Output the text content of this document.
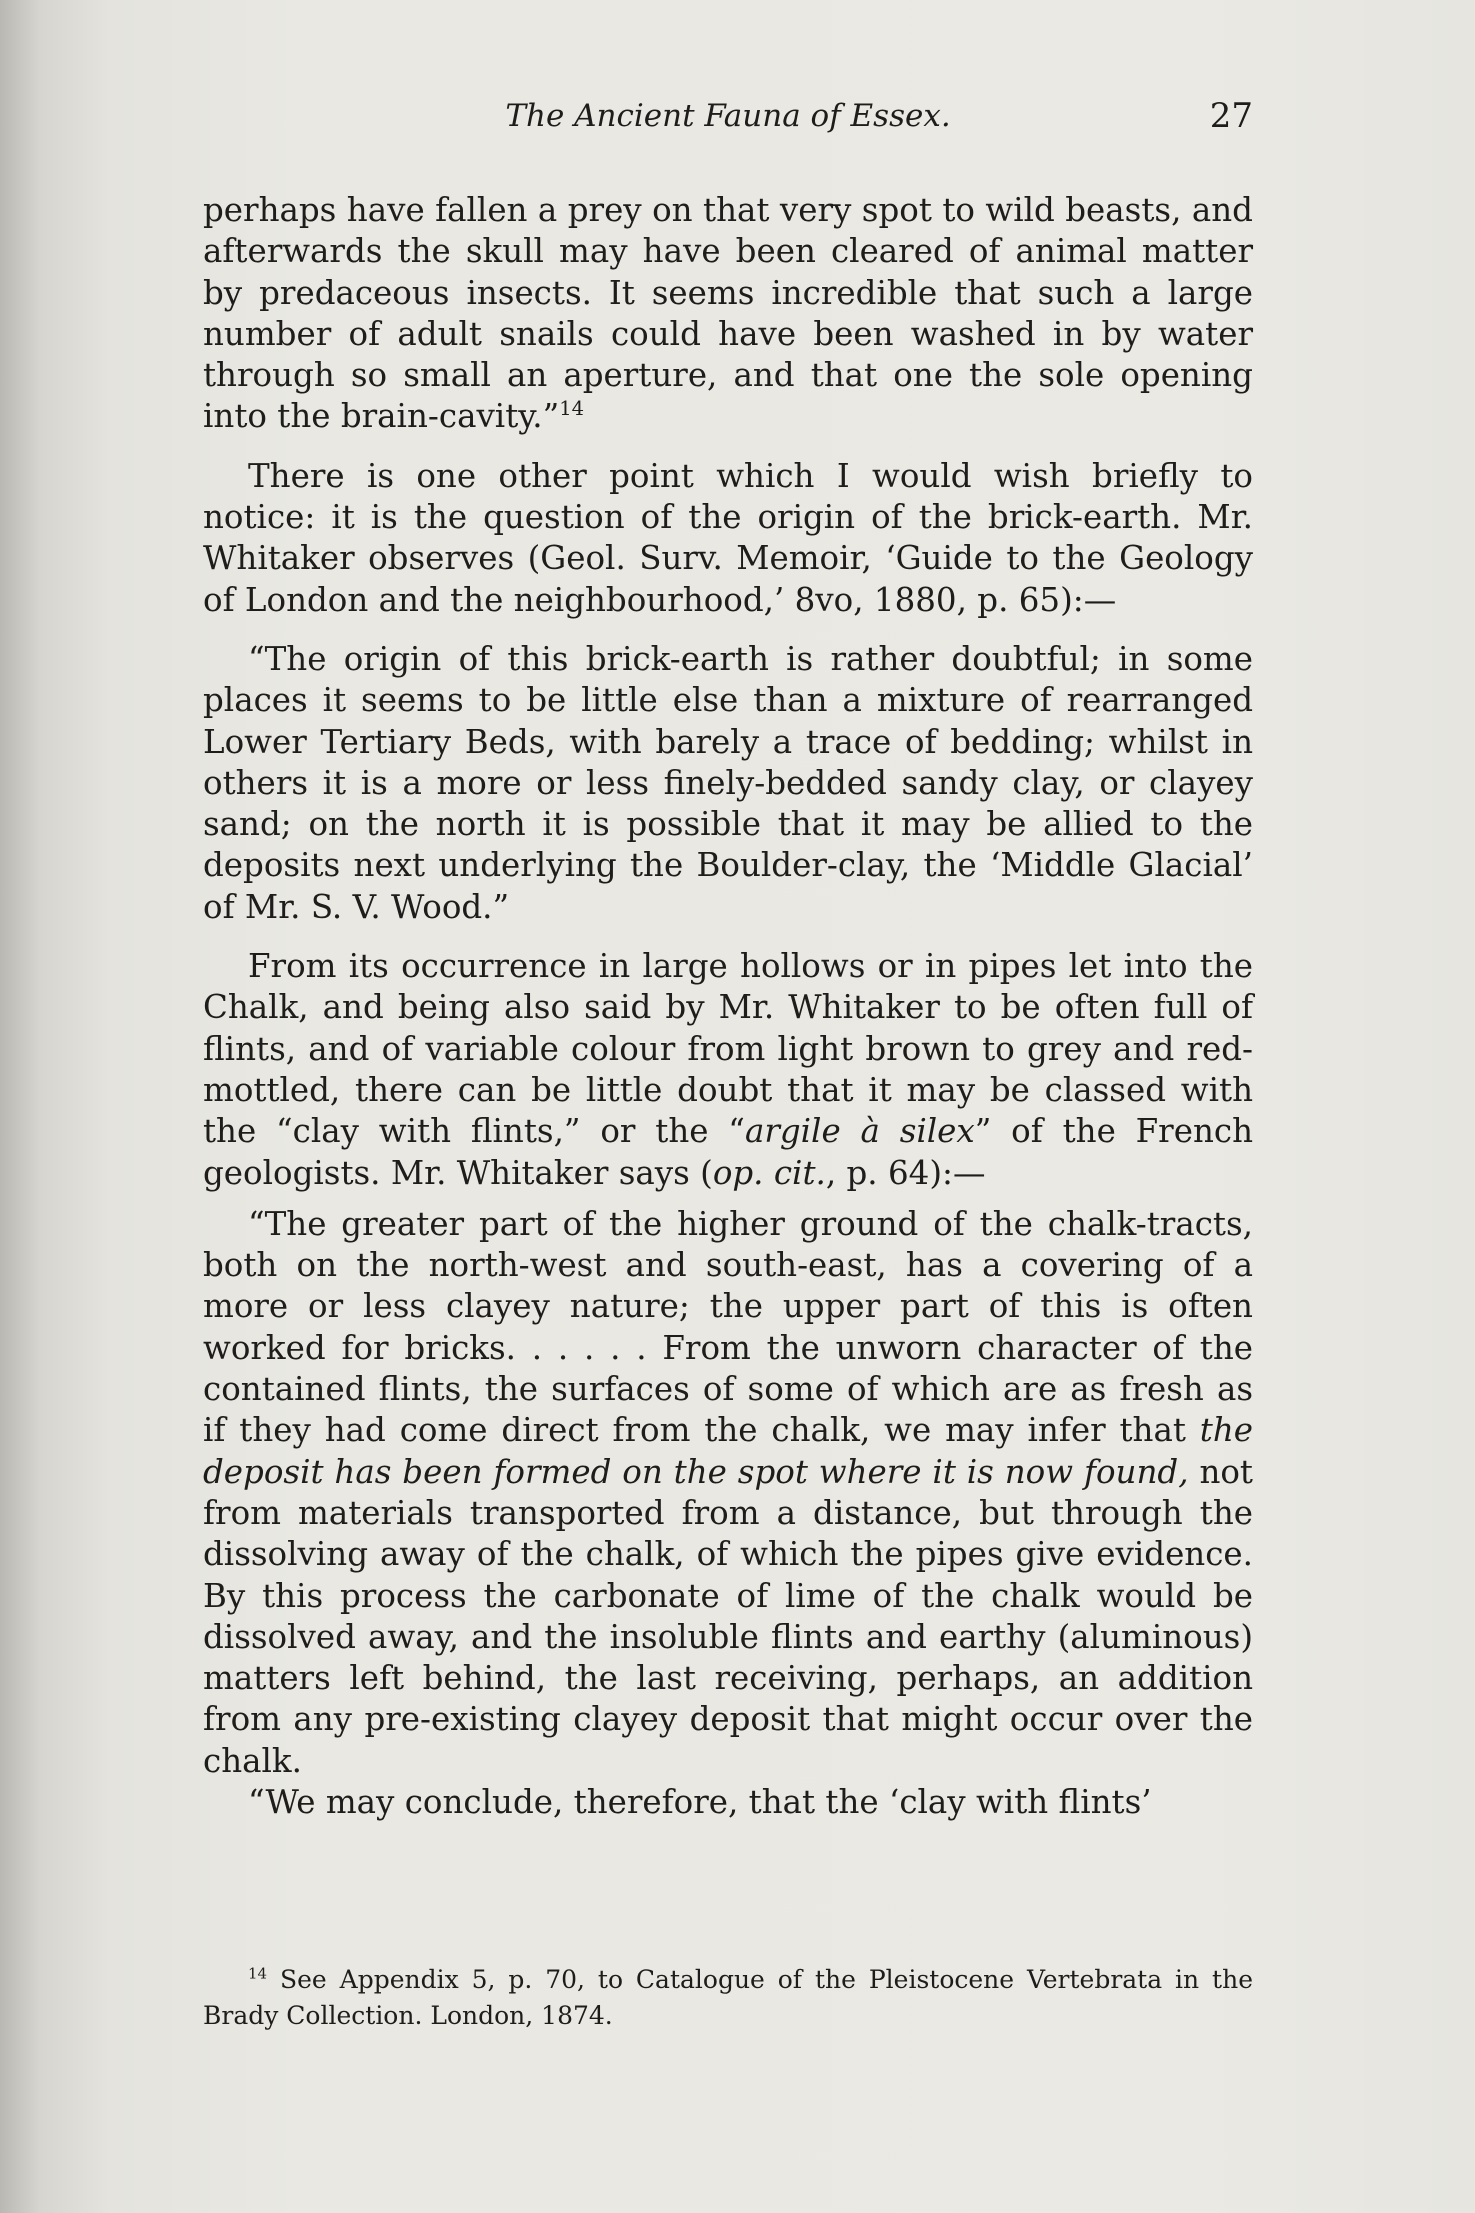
The Ancient Fauna of Essex.	27

perhaps have fallen a prey on that very spot to wild beasts, and afterwards the skull may have been cleared of animal matter by predaceous insects. It seems incredible that such a large number of adult snails could have been washed in by water through so small an aperture, and that one the sole opening into the brain-cavity.”$^{14}$

There is one other point which I would wish briefly to notice: it is the question of the origin of the brick-earth. Mr. Whitaker observes (Geol. Surv. Memoir, ‘Guide to the Geology of London and the neighbourhood,’ 8vo, 1880, p. 65):—

“The origin of this brick-earth is rather doubtful; in some places it seems to be little else than a mixture of rearranged Lower Tertiary Beds, with barely a trace of bedding; whilst in others it is a more or less finely-bedded sandy clay, or clayey sand; on the north it is possible that it may be allied to the deposits next underlying the Boulder-clay, the ‘Middle Glacial’ of Mr. S. V. Wood.”

From its occurrence in large hollows or in pipes let into the Chalk, and being also said by Mr. Whitaker to be often full of flints, and of variable colour from light brown to grey and red-mottled, there can be little doubt that it may be classed with the “clay with flints,” or the “argile à silex” of the French geologists. Mr. Whitaker says (op. cit., p. 64):—

“The greater part of the higher ground of the chalk-tracts, both on the north-west and south-east, has a covering of a more or less clayey nature; the upper part of this is often worked for bricks. . . . . . From the unworn character of the contained flints, the surfaces of some of which are as fresh as if they had come direct from the chalk, we may infer that the deposit has been formed on the spot where it is now found, not from materials transported from a distance, but through the dissolving away of the chalk, of which the pipes give evidence. By this process the carbonate of lime of the chalk would be dissolved away, and the insoluble flints and earthy (aluminous) matters left behind, the last receiving, perhaps, an addition from any pre-existing clayey deposit that might occur over the chalk.

“We may conclude, therefore, that the ‘clay with flints’

$^{14}$ See Appendix 5, p. 70, to Catalogue of the Pleistocene Vertebrata in the Brady Collection. London, 1874.
